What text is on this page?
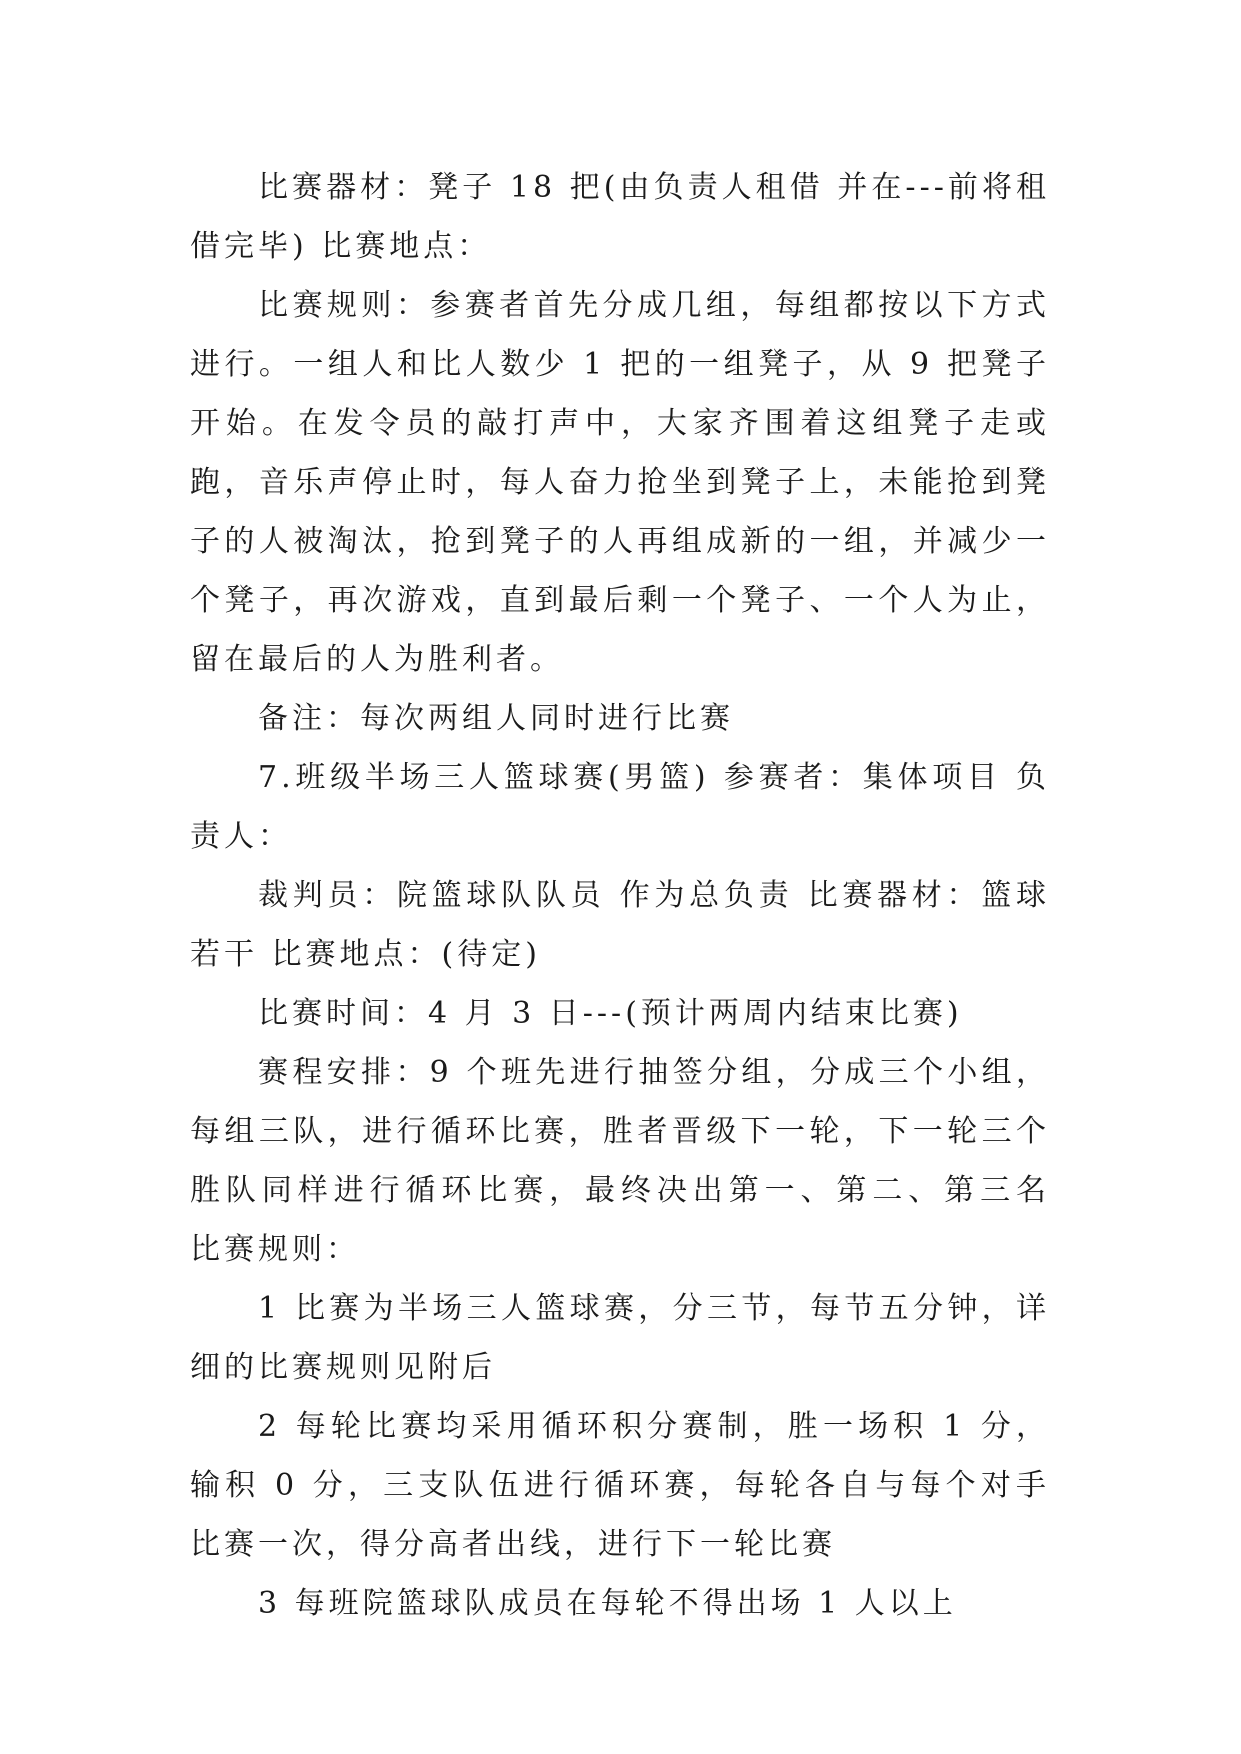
比赛器材：凳子 18 把(由负责人租借 并在---前将租借完毕) 比赛地点：

比赛规则：参赛者首先分成几组，每组都按以下方式进行。一组人和比人数少 1 把的一组凳子，从 9 把凳子开始。在发令员的敲打声中，大家齐围着这组凳子走或跑，音乐声停止时，每人奋力抢坐到凳子上，未能抢到凳子的人被淘汰，抢到凳子的人再组成新的一组，并减少一个凳子，再次游戏，直到最后剩一个凳子、一个人为止，留在最后的人为胜利者。

备注：每次两组人同时进行比赛

7.班级半场三人篮球赛(男篮) 参赛者：集体项目 负责人：

裁判员：院篮球队队员 作为总负责 比赛器材：篮球若干 比赛地点：(待定)

比赛时间：4 月 3 日---(预计两周内结束比赛)

赛程安排：9 个班先进行抽签分组，分成三个小组，每组三队，进行循环比赛，胜者晋级下一轮，下一轮三个胜队同样进行循环比赛，最终决出第一、第二、第三名 比赛规则：

1 比赛为半场三人篮球赛，分三节，每节五分钟，详细的比赛规则见附后

2 每轮比赛均采用循环积分赛制，胜一场积 1 分，输积 0 分，三支队伍进行循环赛，每轮各自与每个对手比赛一次，得分高者出线，进行下一轮比赛

3 每班院篮球队成员在每轮不得出场 1 人以上
